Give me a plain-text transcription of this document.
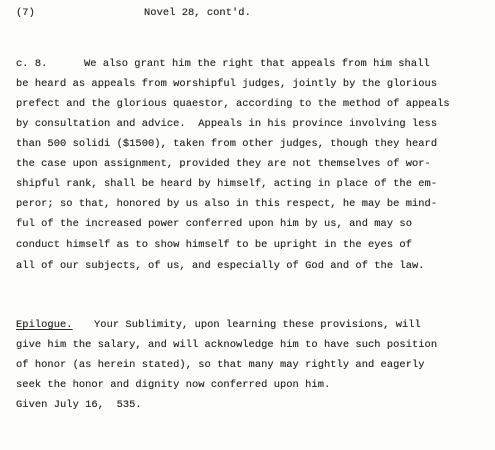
(7)	Novel 28, cont'd.
c. 8.	We also grant him the right that appeals from him shall
be heard as appeals from worshipful judges, jointly by the glorious
prefect and the glorious quaestor, according to the method of appeals
by consultation and advice.  Appeals in his province involving less
than 500 solidi ($1500), taken from other judges, though they heard
the case upon assignment, provided they are not themselves of wor-
shipful rank, shall be heard by himself, acting in place of the em-
peror; so that, honored by us also in this respect, he may be mind-
ful of the increased power conferred upon him by us, and may so
conduct himself as to show himself to be upright in the eyes of
all of our subjects, of us, and especially of God and of the law.
Epilogue. Your Sublimity, upon learning these provisions, will
give him the salary, and will acknowledge him to have such position
of honor (as herein stated), so that many may rightly and eagerly
seek the honor and dignity now conferred upon him.
Given July 16,  535.
